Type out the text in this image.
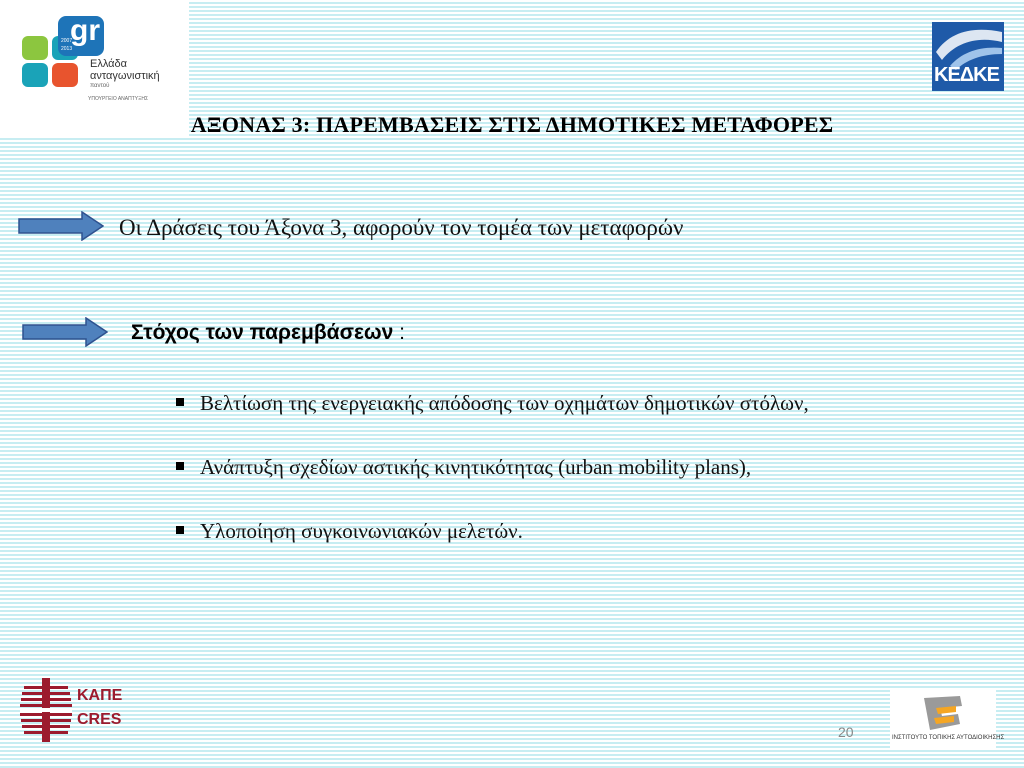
gr
2007
2013
Ελλάδα
ανταγωνιστική
παντού
ΥΠΟΥΡΓΕΙΟ ΑΝΑΠΤΥΞΗΣ
ΚΕΔΚΕ
ΑΞΟΝΑΣ 3: ΠΑΡΕΜΒΑΣΕΙΣ ΣΤΙΣ ΔΗΜΟΤΙΚΕΣ ΜΕΤΑΦΟΡΕΣ
Οι Δράσεις του Άξονα 3, αφορούν τον τομέα των μεταφορών
Στόχος των παρεμβάσεων :
Βελτίωση της ενεργειακής απόδοσης των οχημάτων δημοτικών στόλων,
Ανάπτυξη σχεδίων αστικής κινητικότητας (urban mobility plans),
Υλοποίηση συγκοινωνιακών μελετών.
ΚΑΠΕ
CRES
20	ΙΝΣΤΙΤΟΥΤΟ ΤΟΠΙΚΗΣ ΑΥΤΟΔΙΟΙΚΗΣΗΣ
